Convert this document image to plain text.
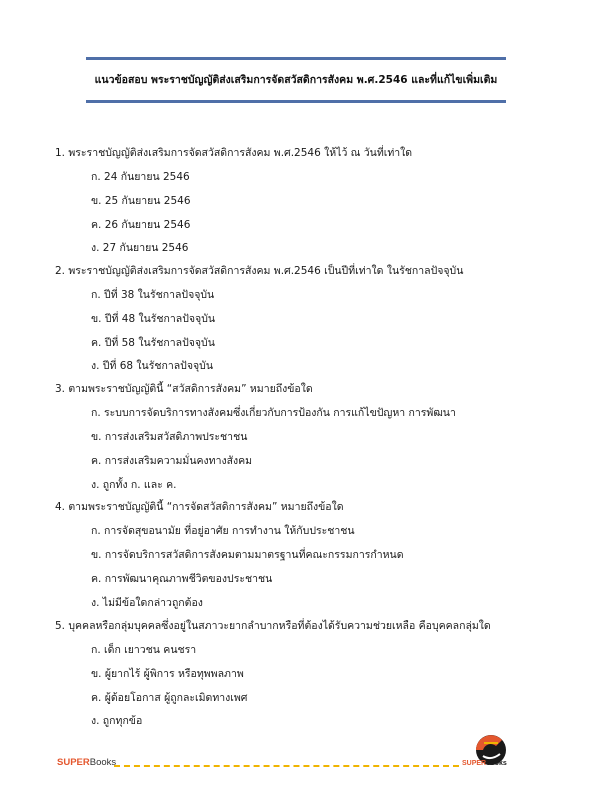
แนวข้อสอบ พระราชบัญญัติส่งเสริมการจัดสวัสดิการสังคม พ.ศ.2546 และที่แก้ไขเพิ่มเติม
1. พระราชบัญญัติส่งเสริมการจัดสวัสดิการสังคม พ.ศ.2546 ให้ไว้ ณ วันที่เท่าใด
ก. 24 กันยายน 2546
ข. 25 กันยายน 2546
ค. 26 กันยายน 2546
ง. 27 กันยายน 2546
2. พระราชบัญญัติส่งเสริมการจัดสวัสดิการสังคม พ.ศ.2546 เป็นปีที่เท่าใด ในรัชกาลปัจจุบัน
ก. ปีที่ 38 ในรัชกาลปัจจุบัน
ข. ปีที่ 48 ในรัชกาลปัจจุบัน
ค. ปีที่ 58 ในรัชกาลปัจจุบัน
ง. ปีที่ 68 ในรัชกาลปัจจุบัน
3. ตามพระราชบัญญัตินี้ “สวัสดิการสังคม” หมายถึงข้อใด
ก. ระบบการจัดบริการทางสังคมซึ่งเกี่ยวกับการป้องกัน การแก้ไขปัญหา การพัฒนา
ข. การส่งเสริมสวัสดิภาพประชาชน
ค. การส่งเสริมความมั่นคงทางสังคม
ง. ถูกทั้ง ก. และ ค.
4. ตามพระราชบัญญัตินี้ “การจัดสวัสดิการสังคม” หมายถึงข้อใด
ก. การจัดสุขอนามัย ที่อยู่อาศัย การทำงาน ให้กับประชาชน
ข. การจัดบริการสวัสดิการสังคมตามมาตรฐานที่คณะกรรมการกำหนด
ค. การพัฒนาคุณภาพชีวิตของประชาชน
ง. ไม่มีข้อใดกล่าวถูกต้อง
5. บุคคลหรือกลุ่มบุคคลซึ่งอยู่ในสภาวะยากลำบากหรือที่ต้องได้รับความช่วยเหลือ คือบุคคลกลุ่มใด
ก. เด็ก เยาวชน คนชรา
ข. ผู้ยากไร้ ผู้พิการ หรือทุพพลภาพ
ค. ผู้ด้อยโอกาส ผู้ถูกละเมิดทางเพศ
ง. ถูกทุกข้อ
SUPERBooks	SUPERbooks
